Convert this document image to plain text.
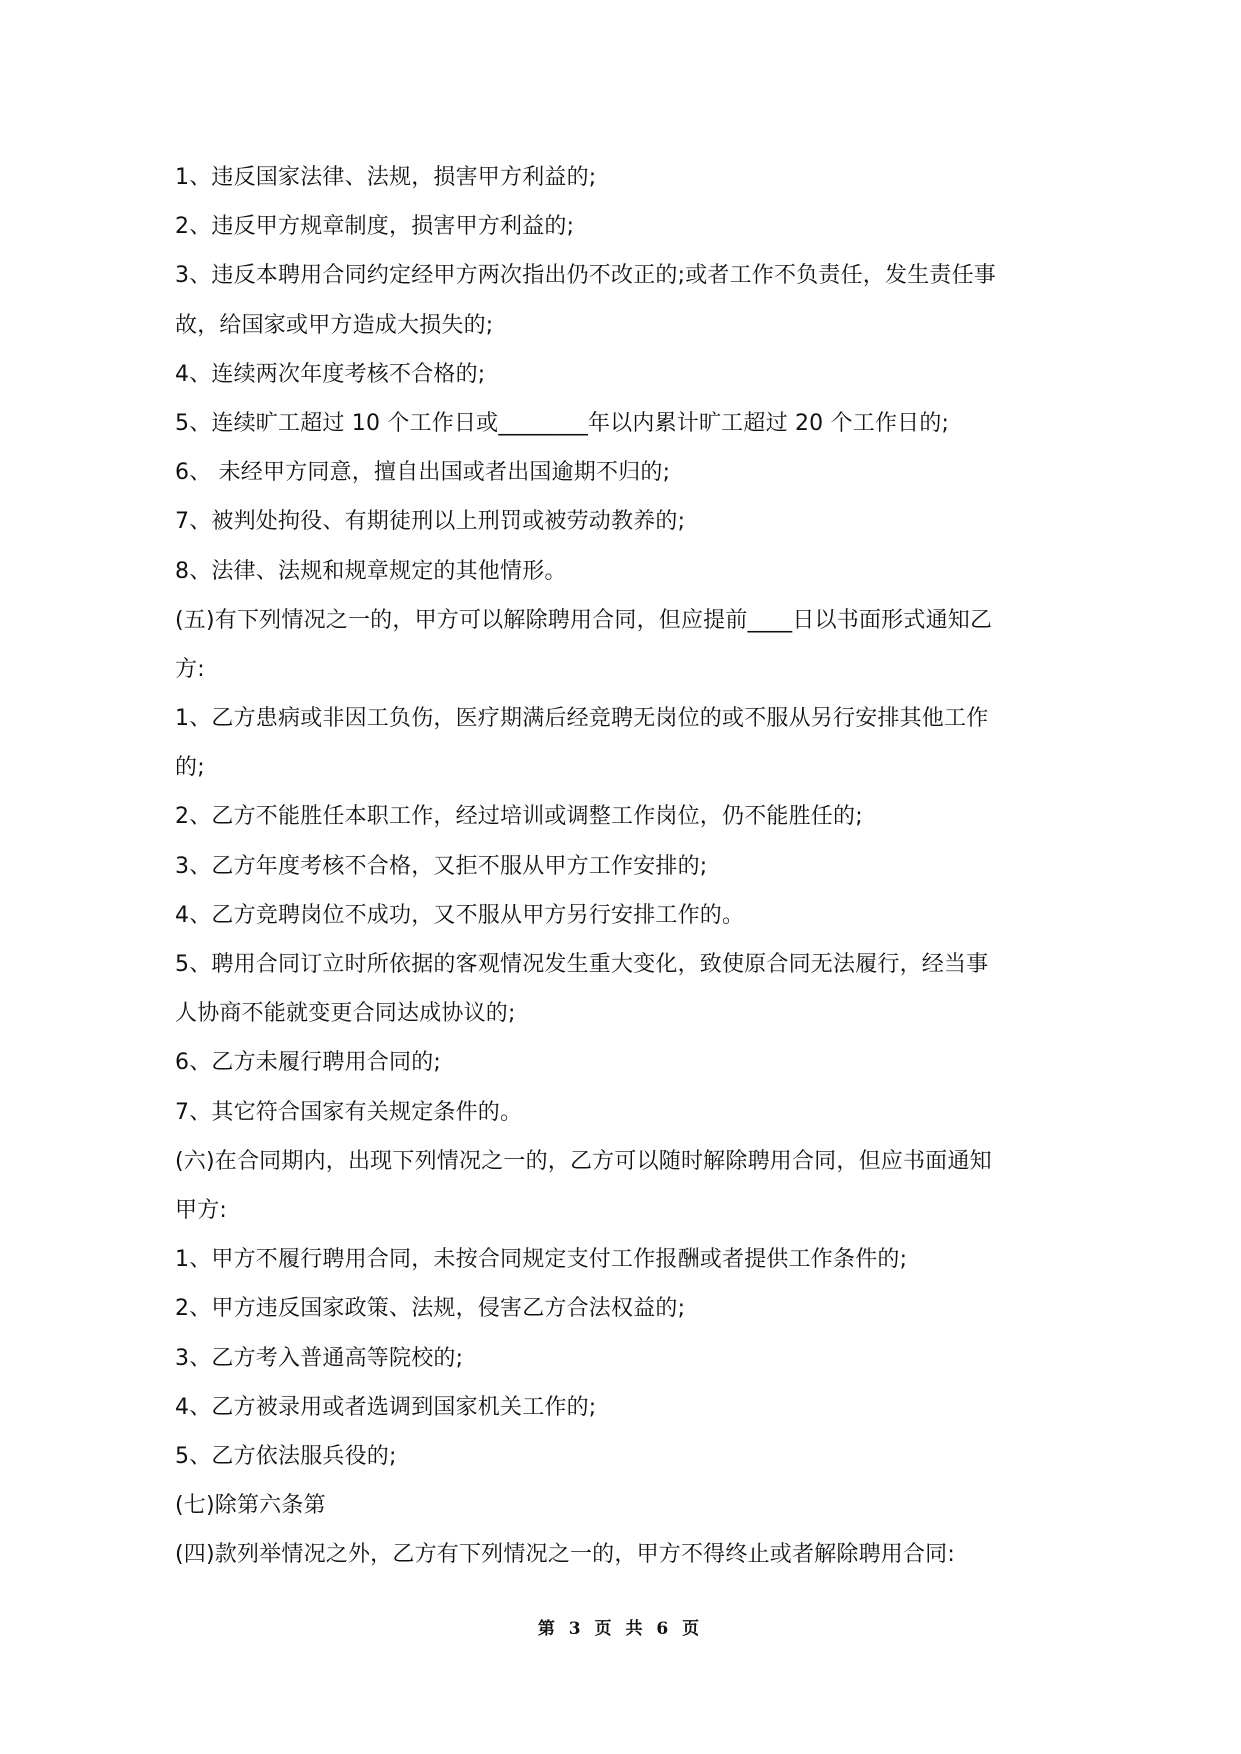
1、违反国家法律、法规，损害甲方利益的;
2、违反甲方规章制度，损害甲方利益的;
3、违反本聘用合同约定经甲方两次指出仍不改正的;或者工作不负责任，发生责任事
故，给国家或甲方造成大损失的;
4、连续两次年度考核不合格的;
5、连续旷工超过 10 个工作日或________年以内累计旷工超过 20 个工作日的;
6、 未经甲方同意，擅自出国或者出国逾期不归的;
7、被判处拘役、有期徒刑以上刑罚或被劳动教养的;
8、法律、法规和规章规定的其他情形。
(五)有下列情况之一的，甲方可以解除聘用合同，但应提前____日以书面形式通知乙
方:
1、乙方患病或非因工负伤，医疗期满后经竞聘无岗位的或不服从另行安排其他工作
的;
2、乙方不能胜任本职工作，经过培训或调整工作岗位，仍不能胜任的;
3、乙方年度考核不合格，又拒不服从甲方工作安排的;
4、乙方竞聘岗位不成功，又不服从甲方另行安排工作的。
5、聘用合同订立时所依据的客观情况发生重大变化，致使原合同无法履行，经当事
人协商不能就变更合同达成协议的;
6、乙方未履行聘用合同的;
7、其它符合国家有关规定条件的。
(六)在合同期内，出现下列情况之一的，乙方可以随时解除聘用合同，但应书面通知
甲方:
1、甲方不履行聘用合同，未按合同规定支付工作报酬或者提供工作条件的;
2、甲方违反国家政策、法规，侵害乙方合法权益的;
3、乙方考入普通高等院校的;
4、乙方被录用或者选调到国家机关工作的;
5、乙方依法服兵役的;
(七)除第六条第
(四)款列举情况之外，乙方有下列情况之一的，甲方不得终止或者解除聘用合同:
第 3 页 共 6 页
